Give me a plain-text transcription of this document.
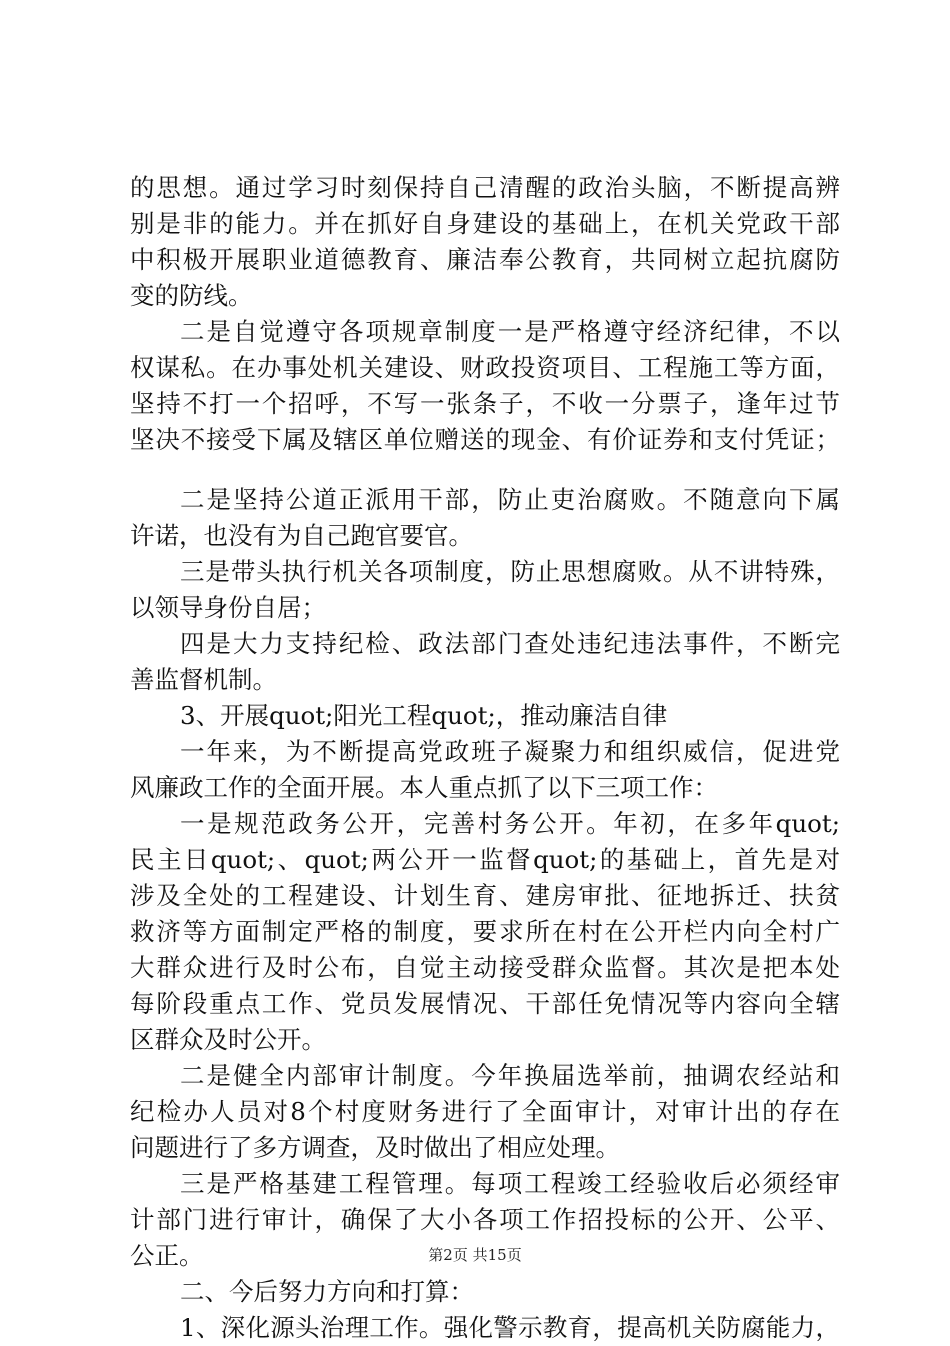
的思想。通过学习时刻保持自己清醒的政治头脑，不断提高辨
别是非的能力。并在抓好自身建设的基础上，在机关党政干部
中积极开展职业道德教育、廉洁奉公教育，共同树立起抗腐防
变的防线。
二是自觉遵守各项规章制度一是严格遵守经济纪律，不以
权谋私。在办事处机关建设、财政投资项目、工程施工等方面，
坚持不打一个招呼，不写一张条子，不收一分票子，逢年过节
坚决不接受下属及辖区单位赠送的现金、有价证券和支付凭证；
二是坚持公道正派用干部，防止吏治腐败。不随意向下属
许诺，也没有为自己跑官要官。
三是带头执行机关各项制度，防止思想腐败。从不讲特殊，
以领导身份自居；
四是大力支持纪检、政法部门查处违纪违法事件，不断完
善监督机制。
3、开展quot;阳光工程quot;，推动廉洁自律
一年来，为不断提高党政班子凝聚力和组织威信，促进党
风廉政工作的全面开展。本人重点抓了以下三项工作：
一是规范政务公开，完善村务公开。年初，在多年quot;
民主日quot;、quot;两公开一监督quot;的基础上，首先是对
涉及全处的工程建设、计划生育、建房审批、征地拆迁、扶贫
救济等方面制定严格的制度，要求所在村在公开栏内向全村广
大群众进行及时公布，自觉主动接受群众监督。其次是把本处
每阶段重点工作、党员发展情况、干部任免情况等内容向全辖
区群众及时公开。
二是健全内部审计制度。今年换届选举前，抽调农经站和
纪检办人员对8个村度财务进行了全面审计，对审计出的存在
问题进行了多方调查，及时做出了相应处理。
三是严格基建工程管理。每项工程竣工经验收后必须经审
计部门进行审计，确保了大小各项工作招投标的公开、公平、
公正。
二、今后努力方向和打算：
1、深化源头治理工作。强化警示教育，提高机关防腐能力，
第2页 共15页
